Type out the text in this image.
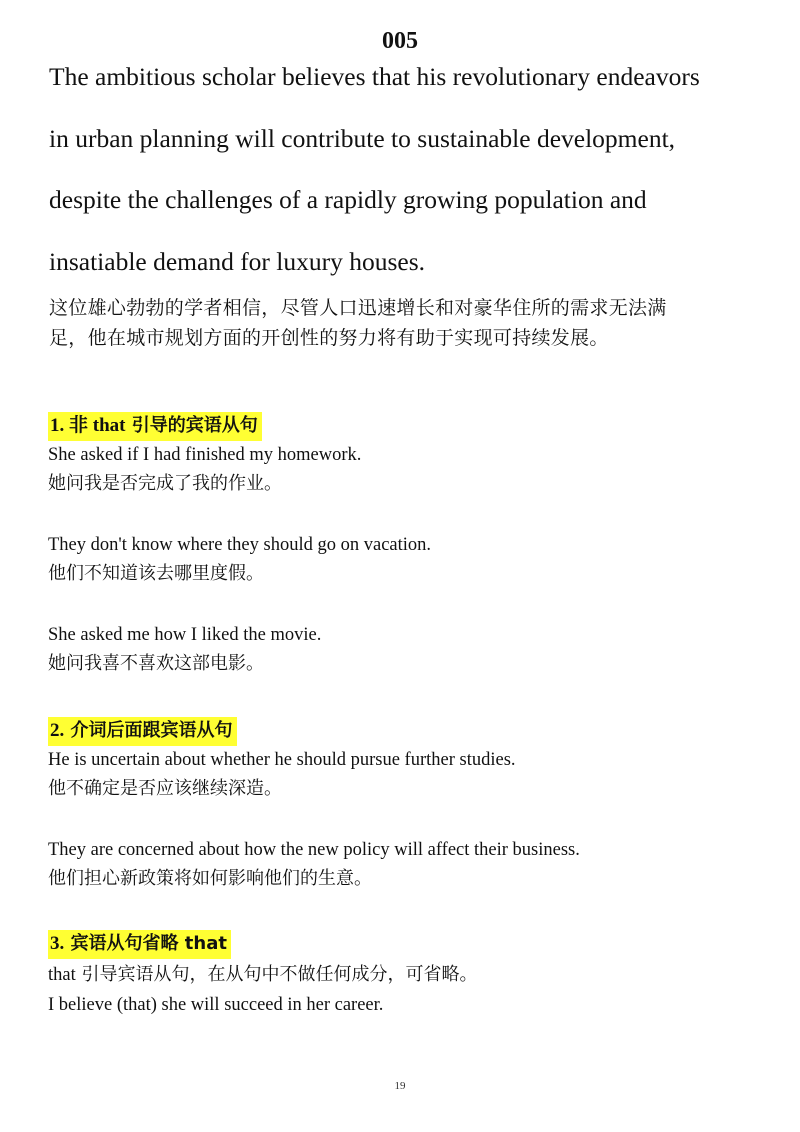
005
The ambitious scholar believes that his revolutionary endeavors
in urban planning will contribute to sustainable development,
despite the challenges of a rapidly growing population and
insatiable demand for luxury houses.
这位雄心勃勃的学者相信，尽管人口迅速增长和对豪华住所的需求无法满
足，他在城市规划方面的开创性的努力将有助于实现可持续发展。
1. 非 that 引导的宾语从句

She asked if I had finished my homework.

她问我是否完成了我的作业。

They don't know where they should go on vacation.

他们不知道该去哪里度假。

She asked me how I liked the movie.

她问我喜不喜欢这部电影。

2. 介词后面跟宾语从句

He is uncertain about whether he should pursue further studies.

他不确定是否应该继续深造。

They are concerned about how the new policy will affect their business.

他们担心新政策将如何影响他们的生意。

3. 宾语从句省略 that

that 引导宾语从句，在从句中不做任何成分，可省略。

I believe (that) she will succeed in her career.

19
